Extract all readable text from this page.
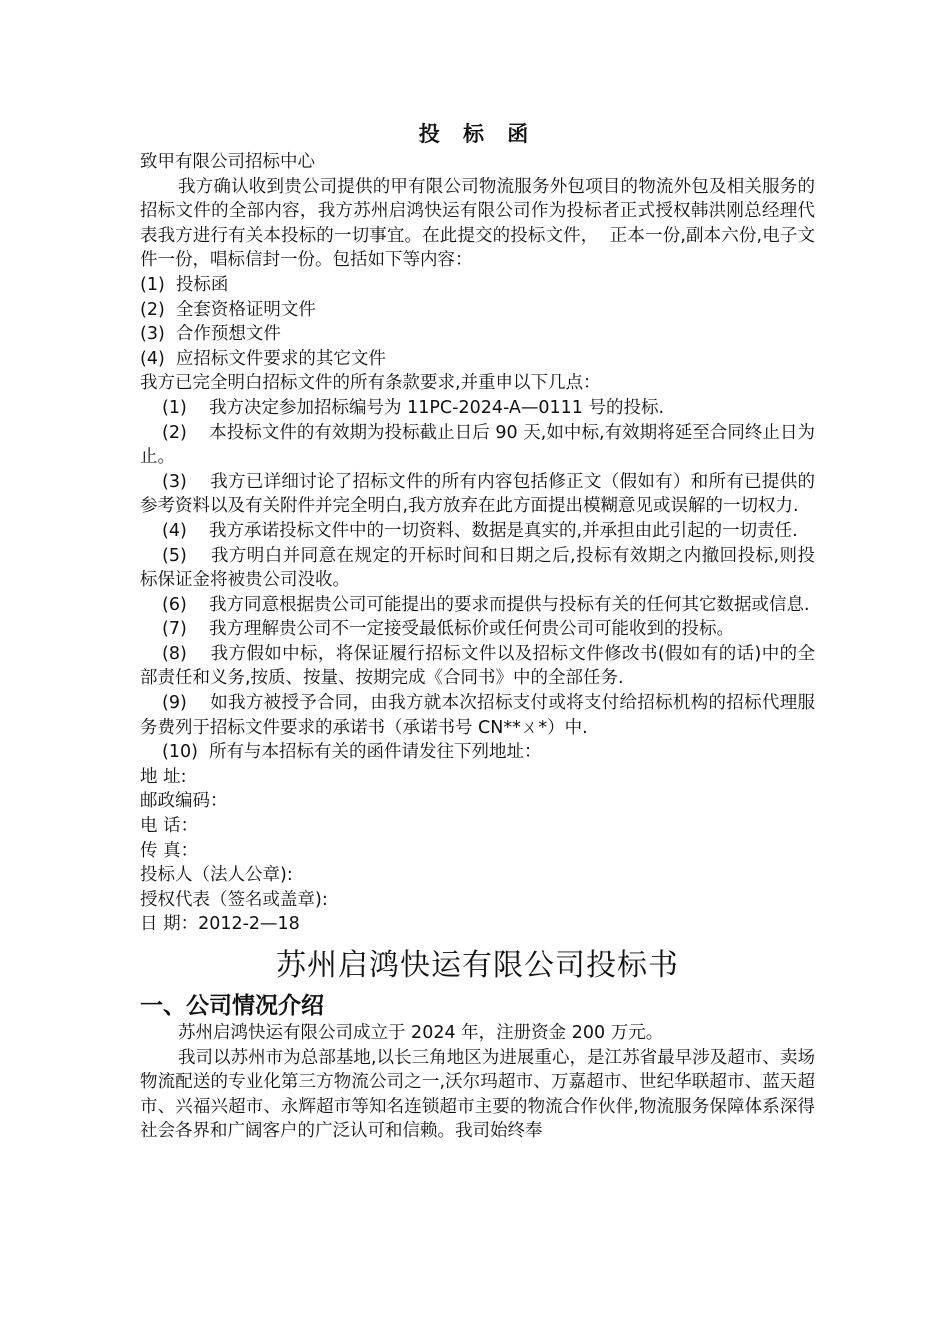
投 标 函

致甲有限公司招标中心

我方确认收到贵公司提供的甲有限公司物流服务外包项目的物流外包及相关服务的招标文件的全部内容，我方苏州启鸿快运有限公司作为投标者正式授权韩洪刚总经理代表我方进行有关本投标的一切事宜。在此提交的投标文件，  正本一份,副本六份,电子文件一份，唱标信封一份。包括如下等内容：

(1)  投标函

(2)  全套资格证明文件

(3)  合作预想文件

(4)  应招标文件要求的其它文件

我方已完全明白招标文件的所有条款要求,并重申以下几点：

(1)    我方决定参加招标编号为 11PC-2024-A—0111 号的投标.

(2)    本投标文件的有效期为投标截止日后 90 天,如中标,有效期将延至合同终止日为止。

(3)    我方已详细讨论了招标文件的所有内容包括修正文（假如有）和所有已提供的参考资料以及有关附件并完全明白,我方放弃在此方面提出模糊意见或误解的一切权力.

(4)    我方承诺投标文件中的一切资料、数据是真实的,并承担由此引起的一切责任.

(5)    我方明白并同意在规定的开标时间和日期之后,投标有效期之内撤回投标,则投标保证金将被贵公司没收。

(6)    我方同意根据贵公司可能提出的要求而提供与投标有关的任何其它数据或信息.

(7)    我方理解贵公司不一定接受最低标价或任何贵公司可能收到的投标。

(8)    我方假如中标，将保证履行招标文件以及招标文件修改书(假如有的话)中的全部责任和义务,按质、按量、按期完成《合同书》中的全部任务.

(9)    如我方被授予合同，由我方就本次招标支付或将支付给招标机构的招标代理服务费列于招标文件要求的承诺书（承诺书号 CN**ㄨ*）中.

(10)  所有与本招标有关的函件请发往下列地址：

地 址:

邮政编码：

电 话：

传 真：

投标人（法人公章):

授权代表（签名或盖章):

日 期：2012-2—18

苏州启鸿快运有限公司投标书
一、公司情况介绍

苏州启鸿快运有限公司成立于 2024 年，注册资金 200 万元。

我司以苏州市为总部基地,以长三角地区为进展重心，是江苏省最早涉及超市、卖场物流配送的专业化第三方物流公司之一,沃尔玛超市、万嘉超市、世纪华联超市、蓝天超市、兴福兴超市、永辉超市等知名连锁超市主要的物流合作伙伴,物流服务保障体系深得社会各界和广阔客户的广泛认可和信赖。我司始终奉
